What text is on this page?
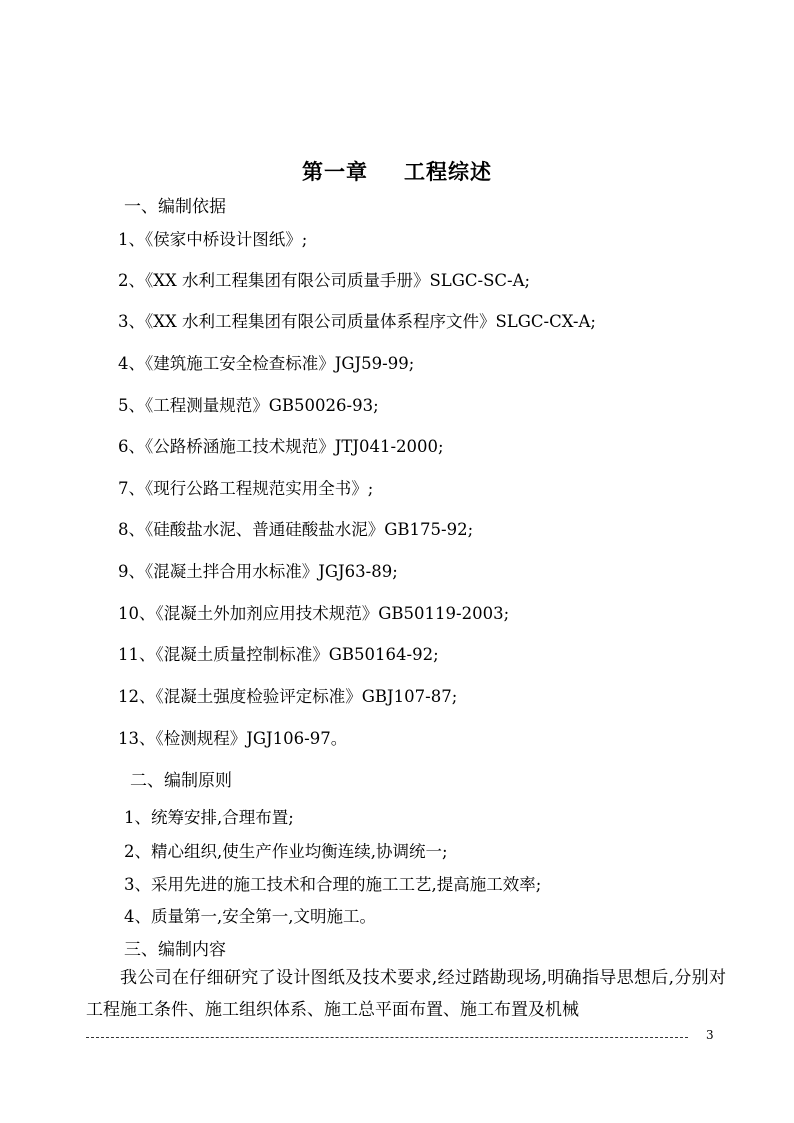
第一章 工程综述
一、编制依据
1、《侯家中桥设计图纸》;
2、《XX 水利工程集团有限公司质量手册》SLGC-SC-A;
3、《XX 水利工程集团有限公司质量体系程序文件》SLGC-CX-A;
4、《建筑施工安全检查标准》JGJ59-99;
5、《工程测量规范》GB50026-93;
6、《公路桥涵施工技术规范》JTJ041-2000;
7、《现行公路工程规范实用全书》;
8、《硅酸盐水泥、普通硅酸盐水泥》GB175-92;
9、《混凝土拌合用水标准》JGJ63-89;
10、《混凝土外加剂应用技术规范》GB50119-2003;
11、《混凝土质量控制标准》GB50164-92;
12、《混凝土强度检验评定标准》GBJ107-87;
13、《检测规程》JGJ106-97。
二、编制原则
1、统筹安排,合理布置;
2、精心组织,使生产作业均衡连续,协调统一;
3、采用先进的施工技术和合理的施工工艺,提高施工效率;
4、质量第一,安全第一,文明施工。
三、编制内容
我公司在仔细研究了设计图纸及技术要求,经过踏勘现场,明确指导思想后,分别对工程施工条件、施工组织体系、施工总平面布置、施工布置及机械
3
